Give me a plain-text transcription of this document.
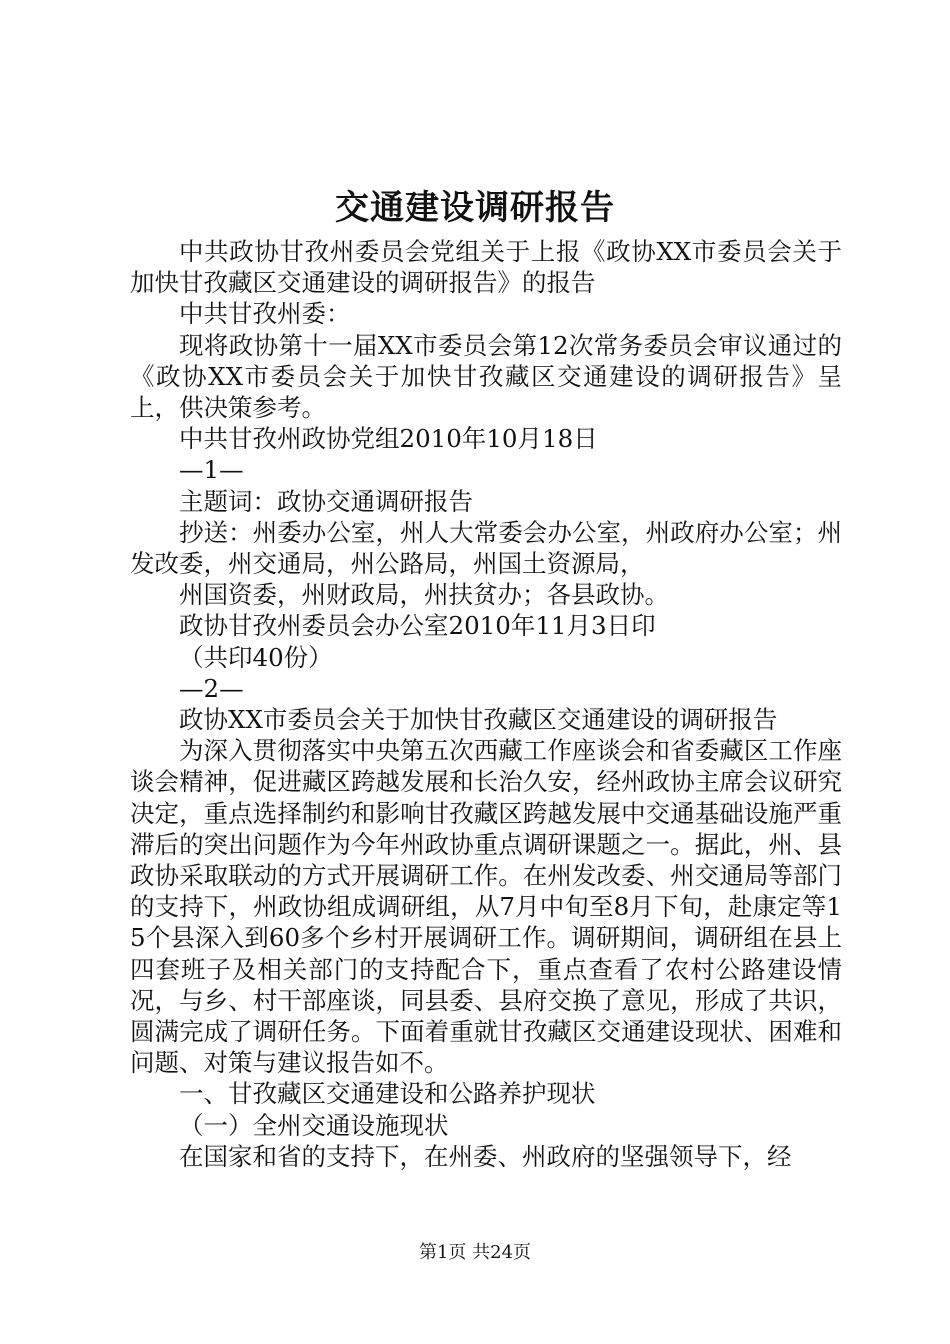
交通建设调研报告

中共政协甘孜州委员会党组关于上报《政协XX市委员会关于加快甘孜藏区交通建设的调研报告》的报告

中共甘孜州委：

现将政协第十一届XX市委员会第12次常务委员会审议通过的《政协XX市委员会关于加快甘孜藏区交通建设的调研报告》呈上，供决策参考。

中共甘孜州政协党组2010年10月18日

—1—

主题词：政协交通调研报告

抄送：州委办公室，州人大常委会办公室，州政府办公室；州发改委，州交通局，州公路局，州国土资源局，

州国资委，州财政局，州扶贫办；各县政协。

政协甘孜州委员会办公室2010年11月3日印

（共印40份）

—2—

政协XX市委员会关于加快甘孜藏区交通建设的调研报告

为深入贯彻落实中央第五次西藏工作座谈会和省委藏区工作座谈会精神，促进藏区跨越发展和长治久安，经州政协主席会议研究决定，重点选择制约和影响甘孜藏区跨越发展中交通基础设施严重滞后的突出问题作为今年州政协重点调研课题之一。据此，州、县政协采取联动的方式开展调研工作。在州发改委、州交通局等部门的支持下，州政协组成调研组，从7月中旬至8月下旬，赴康定等15个县深入到60多个乡村开展调研工作。调研期间，调研组在县上四套班子及相关部门的支持配合下，重点查看了农村公路建设情况，与乡、村干部座谈，同县委、县府交换了意见，形成了共识，圆满完成了调研任务。下面着重就甘孜藏区交通建设现状、困难和问题、对策与建议报告如不。

一、甘孜藏区交通建设和公路养护现状

（一）全州交通设施现状

在国家和省的支持下，在州委、州政府的坚强领导下，经

第1页 共24页
